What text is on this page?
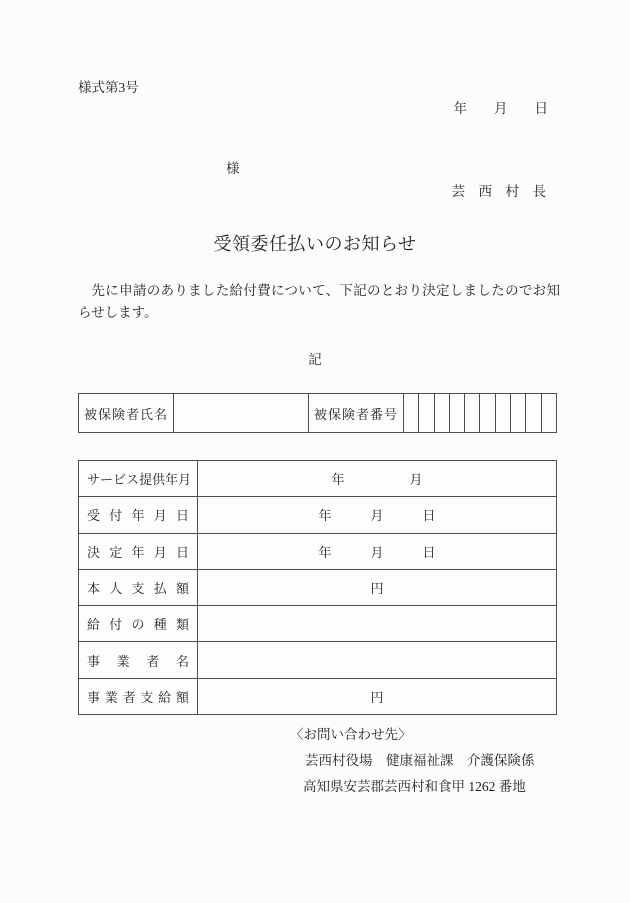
様式第3号
年　　月　　日
様
芸　西　村　長
受領委任払いのお知らせ

先に申請のありました給付費について、下記のとおり決定しましたのでお知らせします。

記
被保険者氏名	被保険者番号
サ ー ビ ス 提 供 年 月	年　　　　　月
受 付 年 月 日	年　　　月　　　日
決 定 年 月 日	年　　　月　　　日
本 人 支 払 額	円
給 付 の 種 類
事 業 者 名
事 業 者 支 給 額	円
〈お問い合わせ先〉
芸西村役場　健康福祉課　介護保険係
高知県安芸郡芸西村和食甲 1262 番地
